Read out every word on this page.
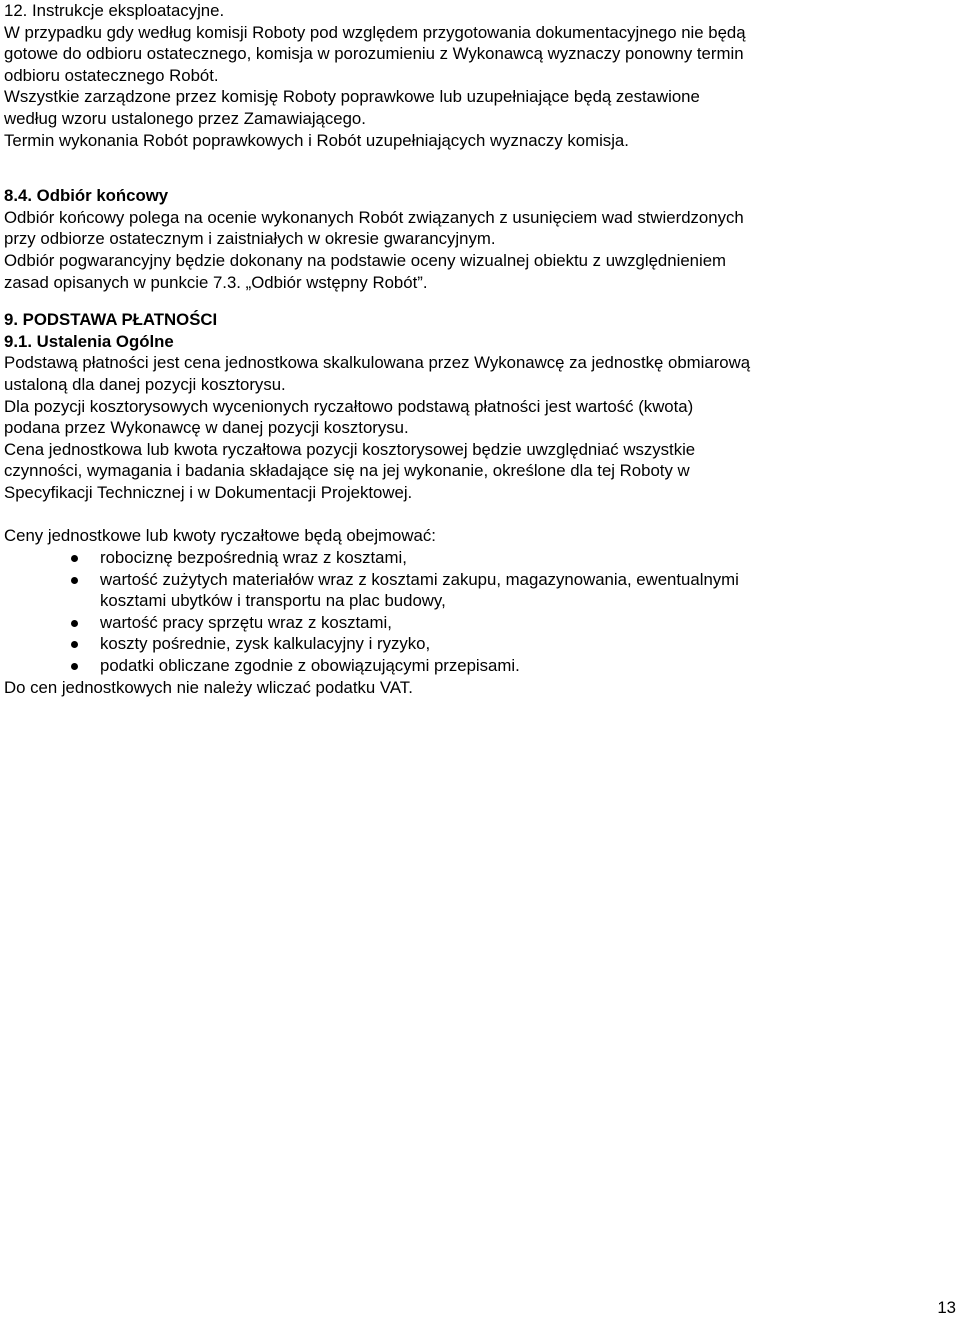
12. Instrukcje eksploatacyjne.

W przypadku gdy według komisji Roboty pod względem przygotowania dokumentacyjnego nie będą

gotowe do odbioru ostatecznego, komisja w porozumieniu z Wykonawcą wyznaczy ponowny termin

odbioru ostatecznego Robót.

Wszystkie zarządzone przez komisję Roboty poprawkowe lub uzupełniające będą zestawione

według wzoru ustalonego przez Zamawiającego.

Termin wykonania Robót poprawkowych i Robót uzupełniających wyznaczy komisja.

8.4. Odbiór końcowy

Odbiór końcowy polega na ocenie wykonanych Robót związanych z usunięciem wad stwierdzonych

przy odbiorze ostatecznym i zaistniałych w okresie gwarancyjnym.

Odbiór pogwarancyjny będzie dokonany na podstawie oceny wizualnej obiektu z uwzględnieniem

zasad opisanych w punkcie 7.3. „Odbiór wstępny Robót”.

9. PODSTAWA PŁATNOŚCI

9.1. Ustalenia Ogólne

Podstawą płatności jest cena jednostkowa skalkulowana przez Wykonawcę za jednostkę obmiarową

ustaloną dla danej pozycji kosztorysu.

Dla pozycji kosztorysowych wycenionych ryczałtowo podstawą płatności jest wartość (kwota)

podana przez Wykonawcę w danej pozycji kosztorysu.

Cena jednostkowa lub kwota ryczałtowa pozycji kosztorysowej będzie uwzględniać wszystkie

czynności, wymagania i badania składające się na jej wykonanie, określone dla tej Roboty w

Specyfikacji Technicznej i w Dokumentacji Projektowej.

Ceny jednostkowe lub kwoty ryczałtowe będą obejmować:

robociznę bezpośrednią wraz z kosztami,

wartość zużytych materiałów wraz z kosztami zakupu, magazynowania, ewentualnymi

kosztami ubytków i transportu na plac budowy,

wartość pracy sprzętu wraz z kosztami,

koszty pośrednie, zysk kalkulacyjny i ryzyko,

podatki obliczane zgodnie z obowiązującymi przepisami.

Do cen jednostkowych nie należy wliczać podatku VAT.

13
